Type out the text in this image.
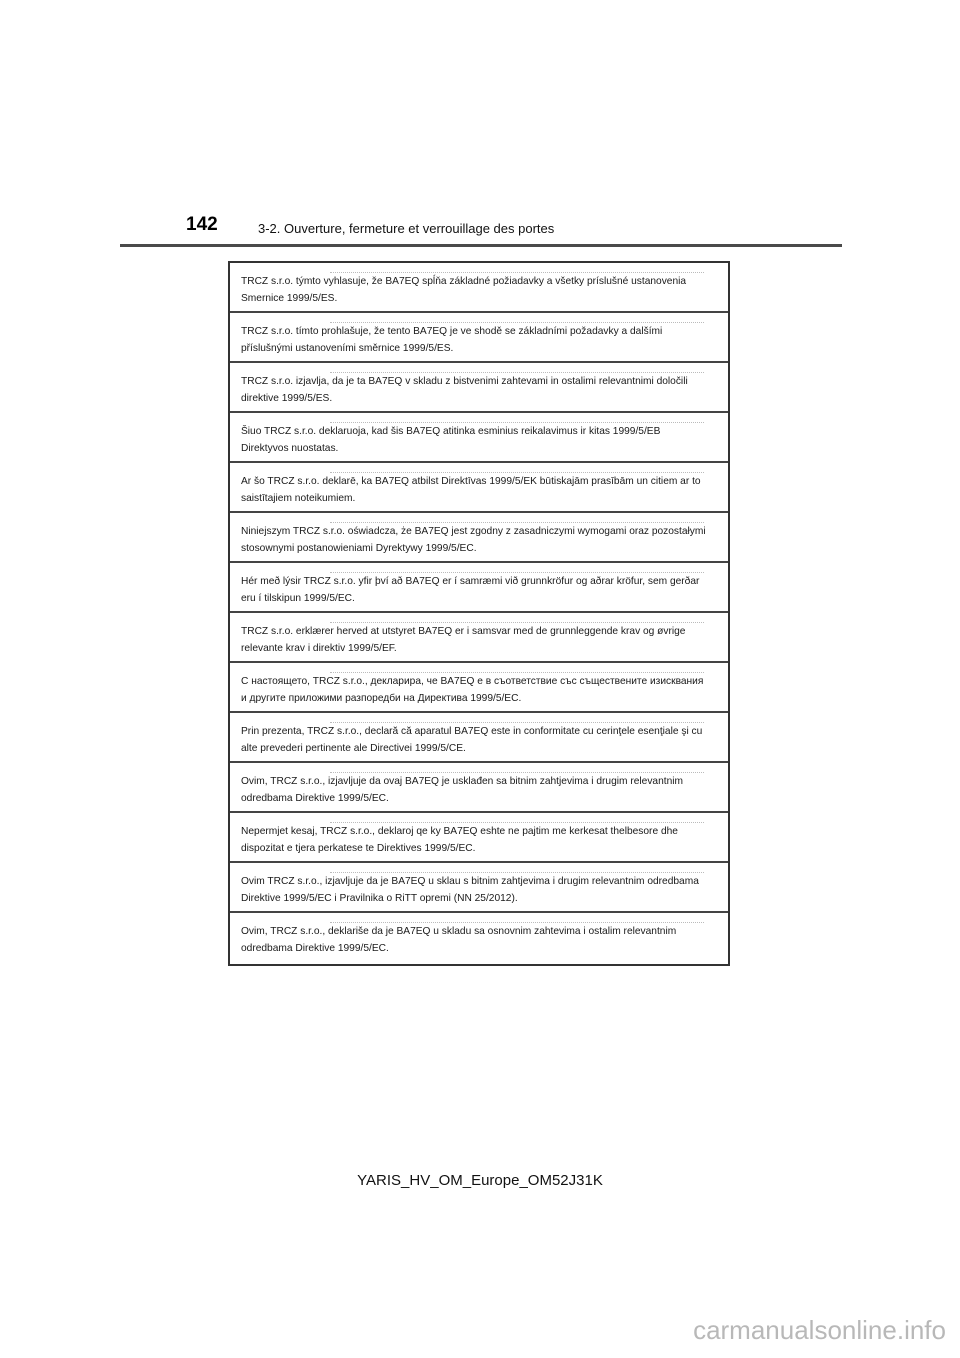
142	3-2. Ouverture, fermeture et verrouillage des portes

TRCZ s.r.o. týmto vyhlasuje, že BA7EQ spĺňa základné požiadavky a všetky príslušné ustanovenia Smernice 1999/5/ES.

TRCZ s.r.o. tímto prohlašuje, že tento BA7EQ je ve shodě se základními požadavky a dalšími příslušnými ustanoveními směrnice 1999/5/ES.

TRCZ s.r.o. izjavlja, da je ta BA7EQ v skladu z bistvenimi zahtevami in ostalimi relevantnimi določili direktive 1999/5/ES.

Šiuo TRCZ s.r.o. deklaruoja, kad šis BA7EQ atitinka esminius reikalavimus ir kitas 1999/5/EB Direktyvos nuostatas.

Ar šo TRCZ s.r.o. deklarē, ka BA7EQ atbilst Direktīvas 1999/5/EK būtiskajām prasībām un citiem ar to saistītajiem noteikumiem.

Niniejszym TRCZ s.r.o. oświadcza, że BA7EQ jest zgodny z zasadniczymi wymogami oraz pozostałymi stosownymi postanowieniami Dyrektywy 1999/5/EC.

Hér með lýsir TRCZ s.r.o. yfir því að BA7EQ er í samræmi við grunnkröfur og aðrar kröfur, sem gerðar eru í tilskipun 1999/5/EC.

TRCZ s.r.o. erklærer herved at utstyret BA7EQ er i samsvar med de grunnleggende krav og øvrige relevante krav i direktiv 1999/5/EF.

С настоящето, TRCZ s.r.o., декларира, че BA7EQ е в съответствие със съществените изисквания и другите приложими разпоредби на Директива 1999/5/EC.

Prin prezenta, TRCZ s.r.o., declară că aparatul BA7EQ este in conformitate cu cerinţele esenţiale şi cu alte prevederi pertinente ale Directivei 1999/5/CE.

Ovim, TRCZ s.r.o., izjavljuje da ovaj BA7EQ je usklađen sa bitnim zahtjevima i drugim relevantnim odredbama Direktive 1999/5/EC.

Nepermjet kesaj, TRCZ s.r.o., deklaroj qe ky BA7EQ eshte ne pajtim me kerkesat thelbesore dhe dispozitat e tjera perkatese te Direktives 1999/5/EC.

Ovim TRCZ s.r.o., izjavljuje da je BA7EQ u sklau s bitnim zahtjevima i drugim relevantnim odredbama Direktive 1999/5/EC i Pravilnika o RiTT opremi (NN 25/2012).

Ovim, TRCZ s.r.o., deklariše da je BA7EQ u skladu sa osnovnim zahtevima i ostalim relevantnim odredbama Direktive 1999/5/EC.

YARIS_HV_OM_Europe_OM52J31K
carmanualsonline.info
